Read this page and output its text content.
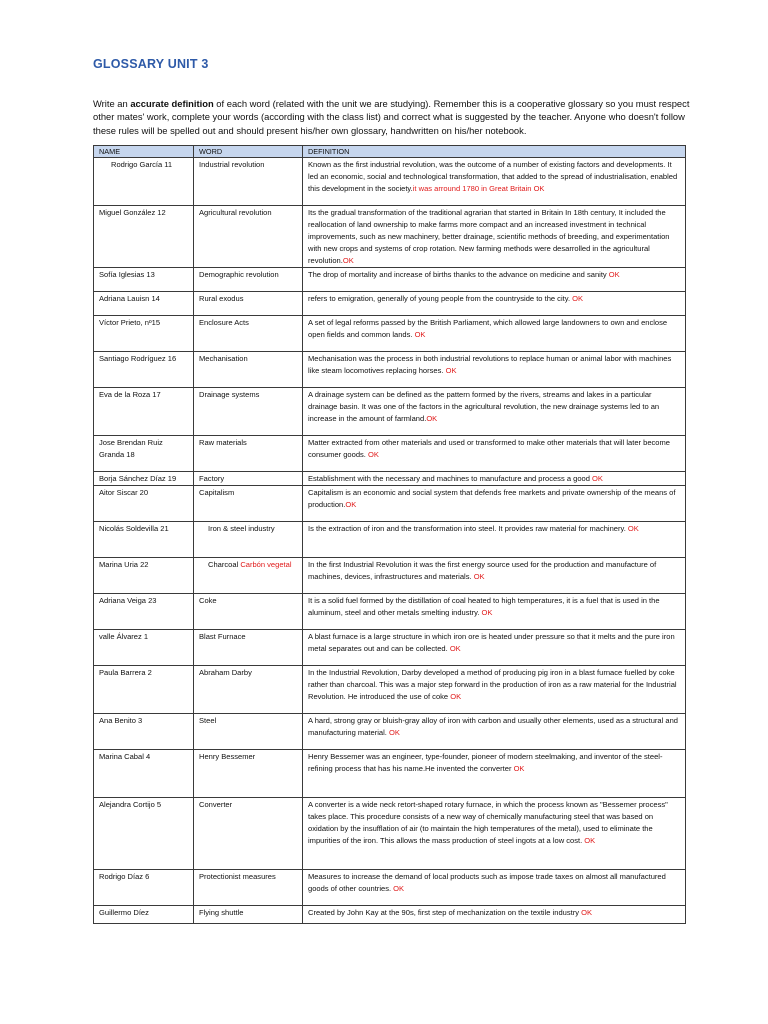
GLOSSARY UNIT 3
Write an accurate definition of each word (related with the unit we are studying). Remember this is a cooperative glossary so you must respect other mates' work, complete your words (according with the class list) and correct what is suggested by the teacher. Anyone who doesn't follow these rules will be spelled out and should present his/her own glossary, handwritten on his/her notebook.
NAME	WORD	DEFINITION
Rodrigo García 11	Industrial revolution	Known as the first industrial revolution, was the outcome of a number of existing factors and developments. It led an economic, social and technological transformation, that added to the spread of industrialisation, enabled this development in the society.it was arround 1780 in Great Britain OK
Miguel González 12	Agricultural revolution	Its the gradual transformation of the traditional agrarian that started in Britain In 18th century, It included the reallocation of land ownership to make farms more compact and an increased investment in technical improvements, such as new machinery, better drainage, scientific methods of breeding, and experimentation with new crops and systems of crop rotation. New farming methods were desarrolled in the agricultural revolution.OK
Sofía Iglesias 13	Demographic revolution	The drop of mortality and increase of births thanks to the advance on medicine and sanity OK
Adriana Lauisn 14	Rural exodus	refers to emigration, generally of young people from the countryside to the city. OK
Víctor Prieto, nº15	Enclosure Acts	A set of legal reforms passed by the British Parliament, which allowed large landowners to own and enclose open fields and common lands. OK
Santiago Rodríguez 16	Mechanisation	Mechanisation was the process in both industrial revolutions to replace human or animal labor with machines like steam locomotives replacing horses. OK
Eva de la Roza 17	Drainage systems	A drainage system can be defined as the pattern formed by the rivers, streams and lakes in a particular drainage basin. It was one of the factors in the agricultural revolution, the new drainage systems led to an increase in the amount of farmland.OK
Jose Brendan Ruiz Granda 18	Raw materials	Matter extracted from other materials and used or transformed to make other materials that will later become consumer goods. OK
Borja Sánchez Díaz 19	Factory	Establishment with the necessary and machines to manufacture and process a good OK
Aitor Siscar 20	Capitalism	Capitalism is an economic and social system that defends free markets and private ownership of the means of production.OK
Nicolás Soldevilla 21	Iron & steel industry	Is the extraction of iron and the transformation into steel. It provides raw material for machinery. OK
Marina Uria 22	Charcoal Carbón vegetal	In the first Industrial Revolution it was the first energy source used for the production and manufacture of machines, devices, infrastructures and materials. OK
Adriana Veiga 23	Coke	It is a solid fuel formed by the distillation of coal heated to high temperatures, it is a fuel that is used in the aluminum, steel and other metals smelting industry. OK
valle Álvarez 1	Blast Furnace	A blast furnace is a large structure in which iron ore is heated under pressure so that it melts and the pure iron metal separates out and can be collected. OK
Paula Barrera 2	Abraham Darby	In the Industrial Revolution, Darby developed a method of producing pig iron in a blast furnace fuelled by coke rather than charcoal. This was a major step forward in the production of iron as a raw material for the Industrial Revolution. He introduced the use of coke OK
Ana Benito 3	Steel	A hard, strong gray or bluish-gray alloy of iron with carbon and usually other elements, used as a structural and manufacturing material. OK
Marina Cabal 4	Henry Bessemer	Henry Bessemer was an engineer, type-founder, pioneer of modern steelmaking, and inventor of the steel-refining process that has his name.He invented the converter OK
Alejandra Cortijo 5	Converter	A converter is a wide neck retort-shaped rotary furnace, in which the process known as "Bessemer process" takes place. This procedure consists of a new way of chemically manufacturing steel that was based on oxidation by the insufflation of air (to maintain the high temperatures of the metal), used to eliminate the impurities of the iron. This allows the mass production of steel ingots at a low cost. OK
Rodrigo Díaz 6	Protectionist measures	Measures to increase the demand of local products such as impose trade taxes on almost all manufactured goods of other countries. OK
Guillermo Díez	Flying shuttle	Created by John Kay at the 90s, first step of mechanization on the textile industry OK
